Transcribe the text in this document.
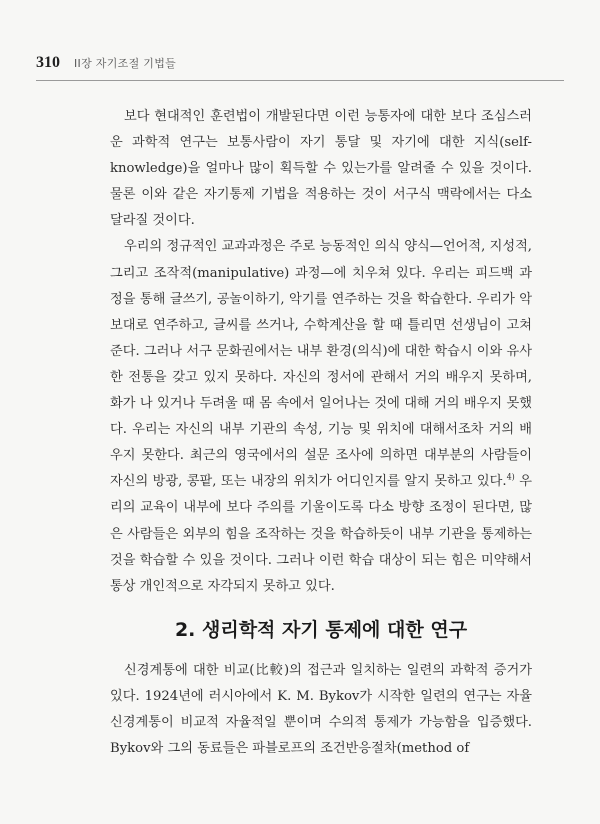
310 II장 자기조절 기법들

보다 현대적인 훈련법이 개발된다면 이런 능통자에 대한 보다 조심스러운 과학적 연구는 보통사람이 자기 통달 및 자기에 대한 지식(self-knowledge)을 얼마나 많이 획득할 수 있는가를 알려줄 수 있을 것이다. 물론 이와 같은 자기통제 기법을 적용하는 것이 서구식 맥락에서는 다소 달라질 것이다.

우리의 정규적인 교과과정은 주로 능동적인 의식 양식—언어적, 지성적, 그리고 조작적(manipulative) 과정—에 치우쳐 있다. 우리는 피드백 과정을 통해 글쓰기, 공놀이하기, 악기를 연주하는 것을 학습한다. 우리가 악보대로 연주하고, 글씨를 쓰거나, 수학계산을 할 때 틀리면 선생님이 고쳐 준다. 그러나 서구 문화권에서는 내부 환경(의식)에 대한 학습시 이와 유사한 전통을 갖고 있지 못하다. 자신의 정서에 관해서 거의 배우지 못하며, 화가 나 있거나 두려울 때 몸 속에서 일어나는 것에 대해 거의 배우지 못했다. 우리는 자신의 내부 기관의 속성, 기능 및 위치에 대해서조차 거의 배우지 못한다. 최근의 영국에서의 설문 조사에 의하면 대부분의 사람들이 자신의 방광, 콩팥, 또는 내장의 위치가 어디인지를 알지 못하고 있다.$^{4)}$ 우리의 교육이 내부에 보다 주의를 기울이도록 다소 방향 조정이 된다면, 많은 사람들은 외부의 힘을 조작하는 것을 학습하듯이 내부 기관을 통제하는 것을 학습할 수 있을 것이다. 그러나 이런 학습 대상이 되는 힘은 미약해서 통상 개인적으로 자각되지 못하고 있다.

2. 생리학적 자기 통제에 대한 연구

신경계통에 대한 비교(比較)의 접근과 일치하는 일련의 과학적 증거가 있다. 1924년에 러시아에서 K. M. Bykov가 시작한 일련의 연구는 자율 신경계통이 비교적 자율적일 뿐이며 수의적 통제가 가능함을 입증했다. Bykov와 그의 동료들은 파블로프의 조건반응절차(method of
